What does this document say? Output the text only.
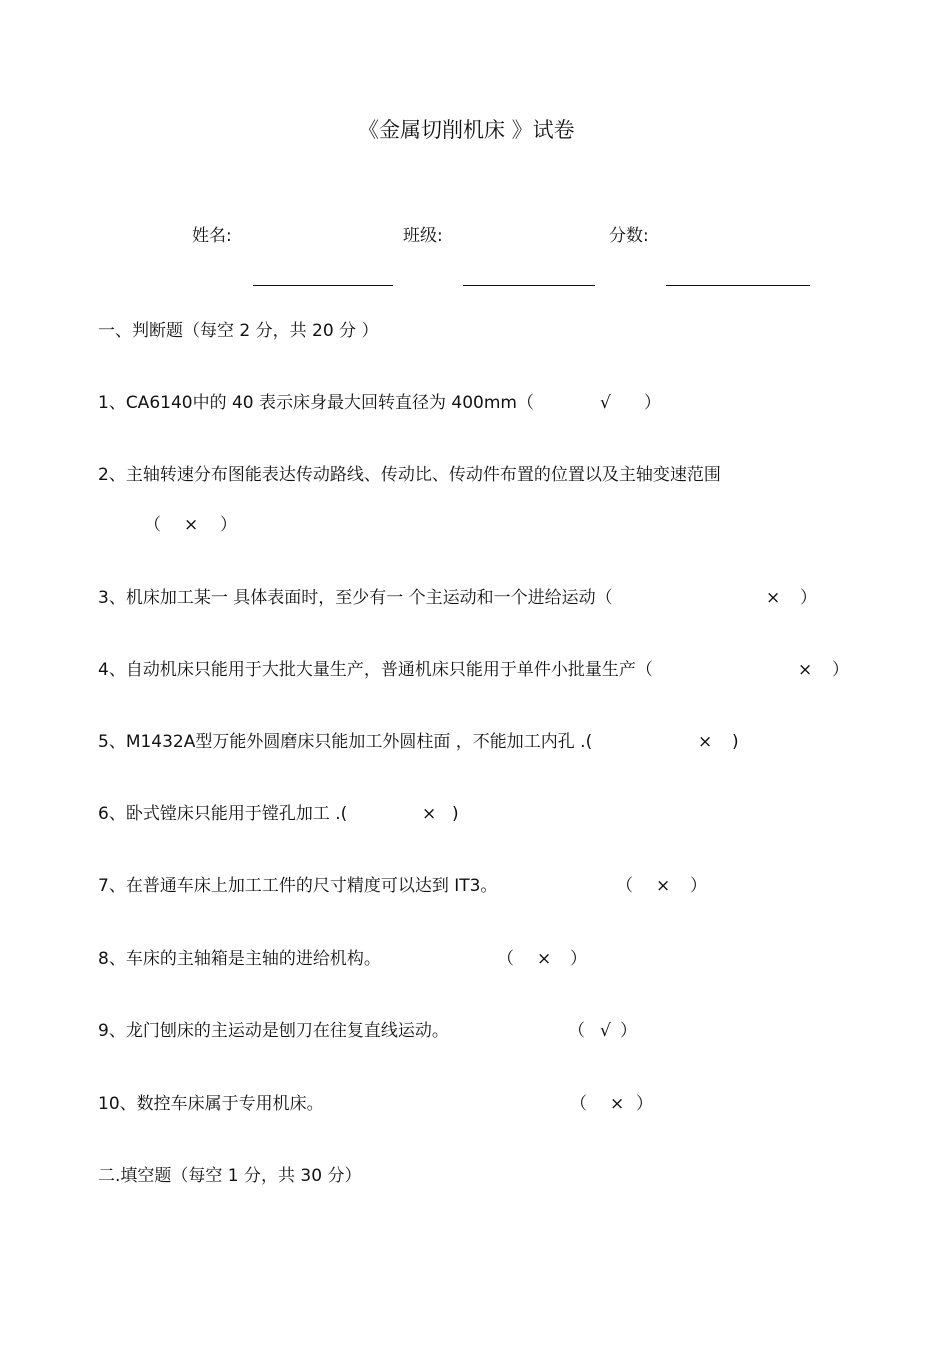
《金属切削机床 》试卷
姓名:	班级:	分数:
一、判断题（每空 2 分，共 20 分 ）
1、CA6140中的 40 表示床身最大回转直径为 400mm（	√ ）
2、主轴转速分布图能表达传动路线、传动比、传动件布置的位置以及主轴变速范围
（ × ）
3、机床加工某一 具体表面时，至少有一 个主运动和一个进给运动（	× ）
4、自动机床只能用于大批大量生产，普通机床只能用于单件小批量生产（	× ）
5、M1432A型万能外圆磨床只能加工外圆柱面 ，不能加工内孔 .(	× )
6、卧式镗床只能用于镗孔加工 .(	× )
7、在普通车床上加工工件的尺寸精度可以达到 IT3。	（ × ）
8、车床的主轴箱是主轴的进给机构。	（ × ）
9、龙门刨床的主运动是刨刀在往复直线运动。	（ √ ）
10、数控车床属于专用机床。	（ × ）
二.填空题（每空 1 分，共 30 分）
